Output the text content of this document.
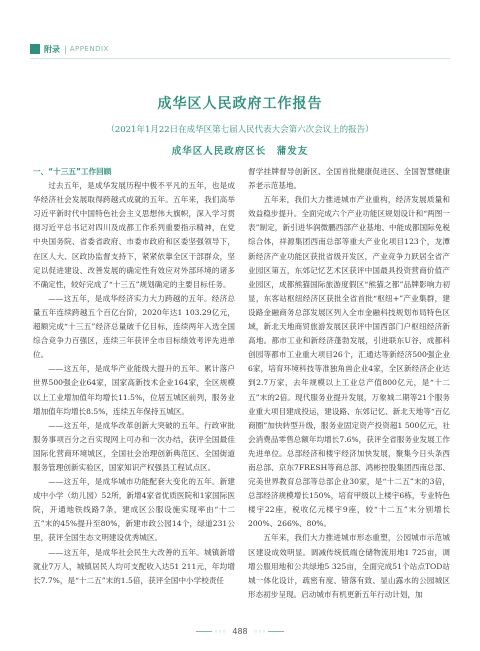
附录 | APPENDIX
成华区人民政府工作报告
（2021年1月22日在成华区第七届人民代表大会第六次会议上的报告）
成华区人民政府区长　蒲发友

一、“十三五”工作回顾

过去五年，是成华发展历程中极不平凡的五年，也是成华经济社会发展取得跨越式成就的五年。五年来，我们高举习近平新时代中国特色社会主义思想伟大旗帜，深入学习贯彻习近平总书记对四川及成都工作系列重要指示精神，在党中央国务院、省委省政府、市委市政府和区委坚强领导下，在区人大、区政协监督支持下，紧紧依靠全区干部群众，坚定以促进建设、改善发展的确定性有效应对外部环境的诸多不确定性，较好完成了“十三五”规划确定的主要目标任务。

——这五年，是成华经济实力大力跨越的五年。经济总量五年连续跨越五个百亿台阶，2020年达1 103.29亿元，超额完成“十三五”经济总量破千亿目标，连续两年入选全国综合竞争力百强区，连续三年获评全市目标绩效考评先进单位。

——这五年，是成华产业能级大提升的五年。累计落户世界500强企业64家，国家高新技术企业164家，全区规模以上工业增加值年均增长11.5%，位居五城区前列，服务业增加值年均增长8.5%，连续五年保持五城区。

——这五年，是成华改革创新大突破的五年。行政审批服务事项百分之百实现网上可办和一次办结，获评全国最佳国际化营商环境城区，全国社会治理创新典范区、全国街道服务管理创新实验区，国家知识产权强县工程试点区。

——这五年，是成华城市功能配套大变化的五年。新建成中小学（幼儿园）52所，新增4家省优质医院和1家国际医院，开通地铁线路7条，建成区公服设施实现率由“十二五”末的45%提升至80%，新建市政公园14个，绿道231公里，获评全国生态文明建设优秀城区。

——这五年，是成华社会民生大改善的五年。城镇新增就业7万人，城镇居民人均可支配收入达51 211元，年均增长7.7%，是“十二五”末的1.5倍，获评全国中小学校责任

督学挂牌督导创新区、全国首批健康促进区、全国智慧健康养老示范基地。

五年来，我们大力推进城市产业重构，经济发展质量和效益稳步提升。全面完成六个产业功能区规划设计和“两图一表”制定，新引进华润微鹏西部产业基地、中能成都国际免税综合体，祥源集团西南总部等重大产业化项目123个，龙潭新经济产业功能区获批省级开发区，产业竞争力跃居全省产业园区第五，东郊记忆艺术区获评中国最具投资营商价值产业园区，成都熊猫国际旅游度假区“熊猫之都”品牌影响力初显，东客站枢纽经济区获批全省首批“枢纽+”产业集群，建设路金融商务总部发展区列入全市金融科技规划布局特色区域，新北天地商贸旅游发展区获评中国西部门户枢纽经济新高地。都市工业和新经济蓬勃发展，引进联东U谷、成都科创园等都市工业重大项目26个，汇通达等新经济500强企业6家，培育环境科技等准独角兽企业4家，全区新经济企业达到2.7万家，去年规模以上工业总产值800亿元，是“十二五”末的2倍。现代服务业提升发展，万象城二期等21个服务业重大项目建成投运，建设路、东郊记忆、新北天地等“百亿商圈”加快转型升级，服务业固定资产投资超1 500亿元，社会消费品零售总额年均增长7.6%，获评全省服务业发展工作先进单位。总部经济和楼宇经济加快发展，聚集今日头条西南总部、京东7FRESH等商总部、鸿彬控股集团西南总部、完美世界教育总部等总部企业30家，是“十二五”末的3倍，总部经济规模增长150%，培育甲级以上楼宇6栋，专业特色楼宇22座，税收亿元楼宇9座，较“十二五”末分别增长200%、266%、80%。

五年来，我们大力推进城市形态重塑，公园城市示范城区建设成效明显。调减传统低端仓储物流用地1 725亩，调增公服用地和公共绿地5 325亩，全面完成51个站点TOD站城一体化设计，疏密有度、错落有致、显山露水的公园城区形态初步呈现。启动城市有机更新五年行动计划，加

◦◦◦ 488 ◦◦◦
